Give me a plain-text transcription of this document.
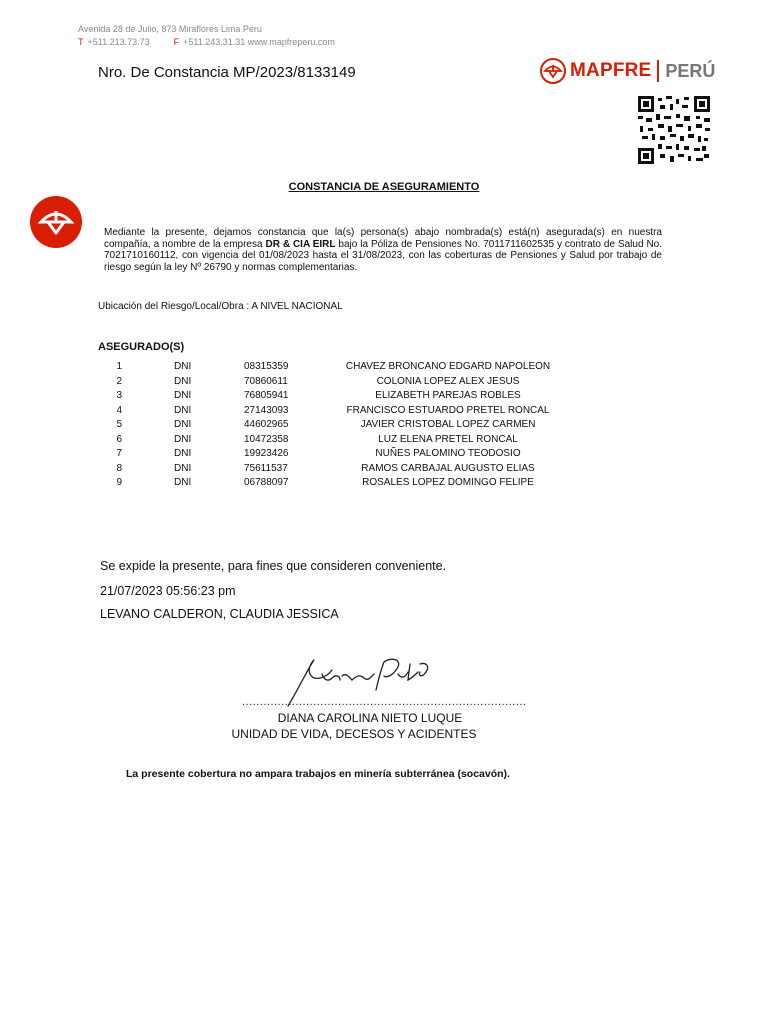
Avenida 28 de Julio, 873 Miraflores Lima Peru
T +511.213.73.73	F +511.243.31.31 www.mapfreperu.com
Nro. De Constancia MP/2023/8133149	MAPFRE PERÚ
CONSTANCIA DE ASEGURAMIENTO
Mediante la presente, dejamos constancia que la(s) persona(s) abajo nombrada(s) está(n) asegurada(s) en nuestra compañía, a nombre de la empresa DR & CIA EIRL bajo la Póliza de Pensiones No. 7011711602535 y contrato de Salud No. 7021710160112, con vigencia del 01/08/2023 hasta el 31/08/2023, con las coberturas de Pensiones y Salud por trabajo de riesgo según la ley Nº 26790 y normas complementarias.
Ubicación del Riesgo/Local/Obra : A NIVEL NACIONAL
ASEGURADO(S)
1	DNI	08315359	CHAVEZ BRONCANO EDGARD NAPOLEON
2	DNI	70860611	COLONIA LOPEZ ALEX JESUS
3	DNI	76805941	ELIZABETH PAREJAS ROBLES
4	DNI	27143093	FRANCISCO ESTUARDO PRETEL RONCAL
5	DNI	44602965	JAVIER CRISTOBAL LOPEZ CARMEN
6	DNI	10472358	LUZ ELENA PRETEL RONCAL
7	DNI	19923426	NUÑES PALOMINO TEODOSIO
8	DNI	75611537	RAMOS CARBAJAL AUGUSTO ELIAS
9	DNI	06788097	ROSALES LOPEZ DOMINGO FELIPE
Se expide la presente, para fines que consideren conveniente.
21/07/2023 05:56:23 pm
LEVANO CALDERON, CLAUDIA JESSICA
................................................................................
DIANA CAROLINA NIETO LUQUE
UNIDAD DE VIDA, DECESOS Y ACIDENTES
La presente cobertura no ampara trabajos en minería subterránea (socavón).
